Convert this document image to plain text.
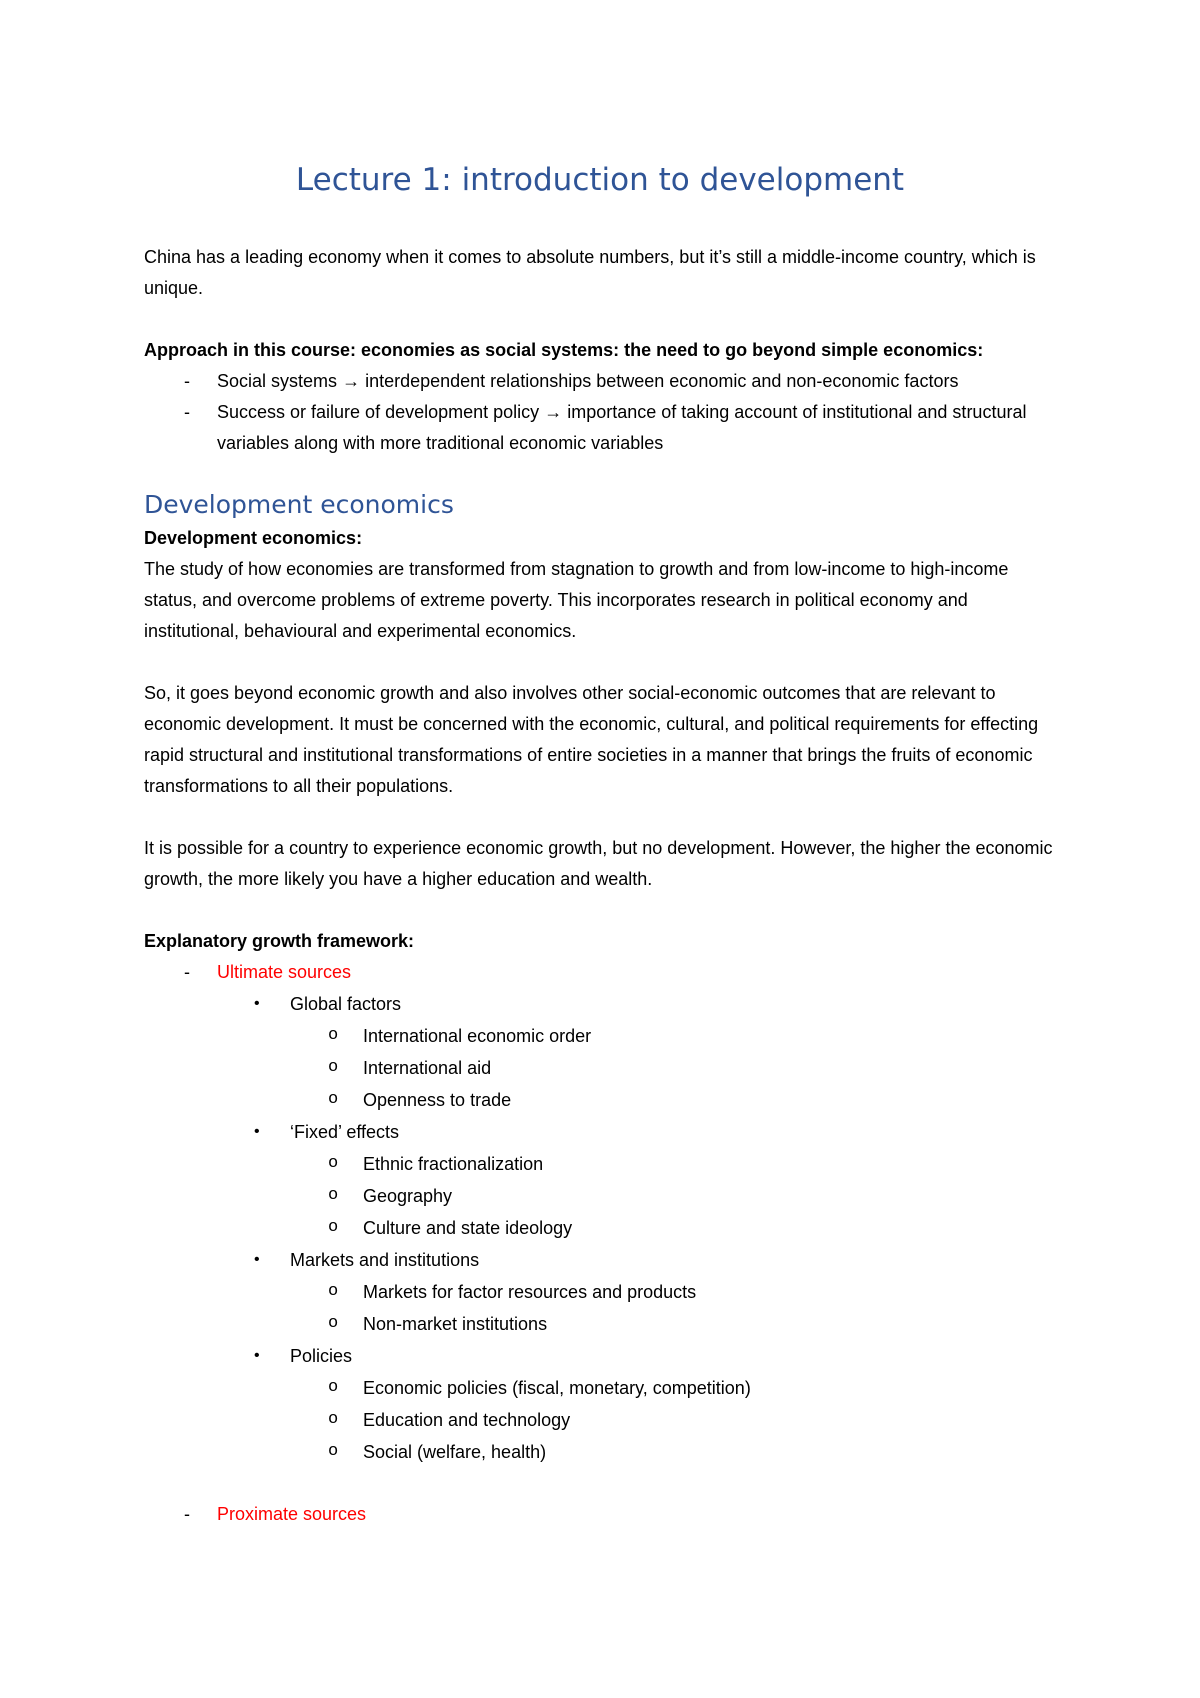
Lecture 1: introduction to development

China has a leading economy when it comes to absolute numbers, but it’s still a middle-income country, which is unique.

Approach in this course: economies as social systems: the need to go beyond simple economics:

- Social systems → interdependent relationships between economic and non-economic factors
- Success or failure of development policy → importance of taking account of institutional and structural variables along with more traditional economic variables
Development economics

Development economics:

The study of how economies are transformed from stagnation to growth and from low-income to high-income status, and overcome problems of extreme poverty. This incorporates research in political economy and institutional, behavioural and experimental economics.

So, it goes beyond economic growth and also involves other social-economic outcomes that are relevant to economic development. It must be concerned with the economic, cultural, and political requirements for effecting rapid structural and institutional transformations of entire societies in a manner that brings the fruits of economic transformations to all their populations.

It is possible for a country to experience economic growth, but no development. However, the higher the economic growth, the more likely you have a higher education and wealth.

Explanatory growth framework:

- Ultimate sources
• Global factors
o International economic order
o International aid
o Openness to trade
• ‘Fixed’ effects
o Ethnic fractionalization
o Geography
o Culture and state ideology
• Markets and institutions
o Markets for factor resources and products
o Non-market institutions
• Policies
o Economic policies (fiscal, monetary, competition)
o Education and technology
o Social (welfare, health)
- Proximate sources
